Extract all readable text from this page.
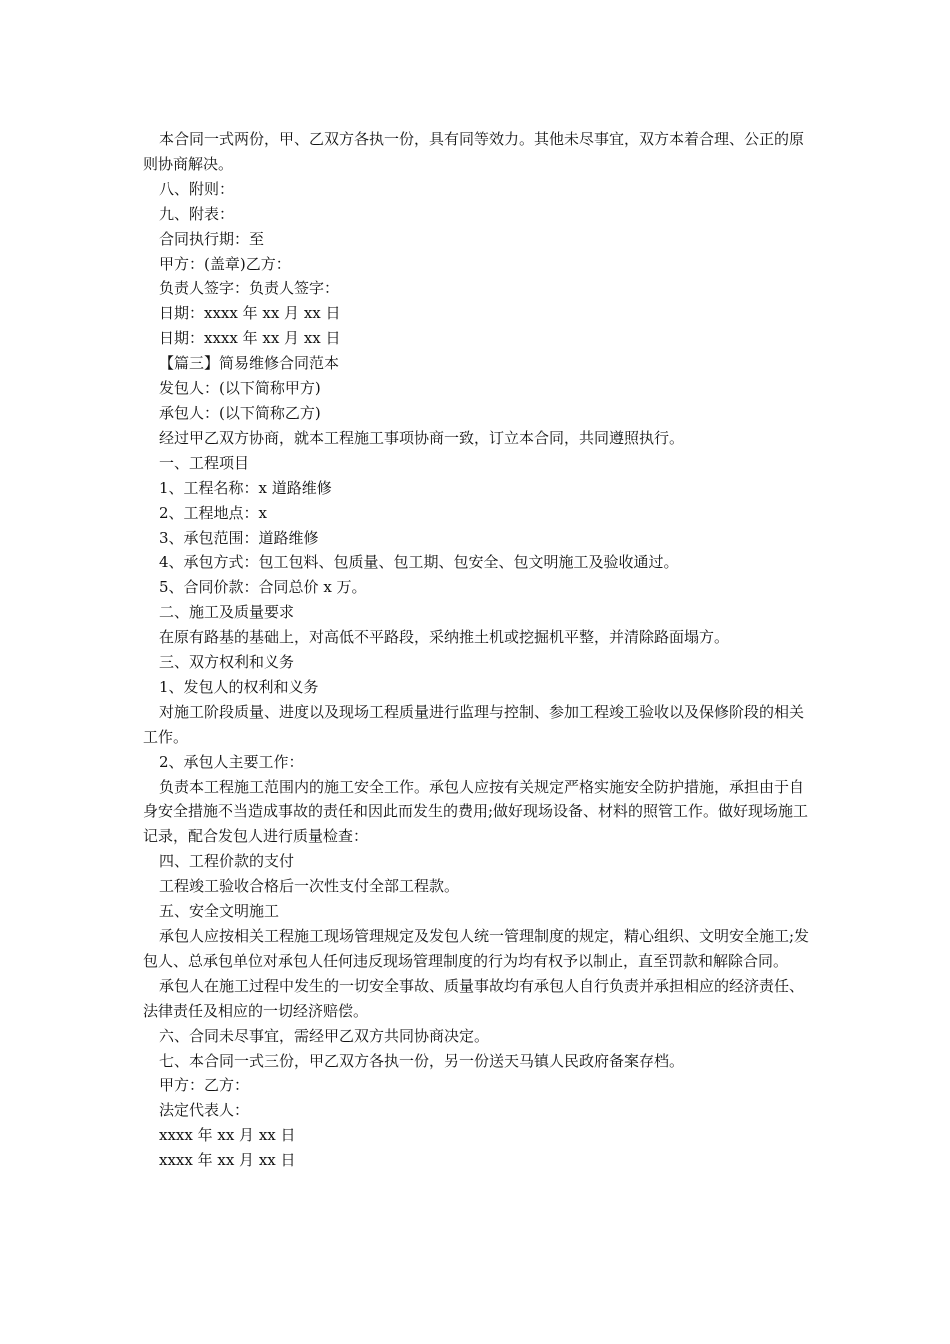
本合同一式两份，甲、乙双方各执一份，具有同等效力。其他未尽事宜，双方本着合理、公正的原则协商解决。

八、附则：

九、附表：

合同执行期：至

甲方：(盖章)乙方：

负责人签字：负责人签字：

日期：xxxx 年 xx 月 xx 日

日期：xxxx 年 xx 月 xx 日

【篇三】简易维修合同范本

发包人：(以下简称甲方)

承包人：(以下简称乙方)

经过甲乙双方协商，就本工程施工事项协商一致，订立本合同，共同遵照执行。

一、工程项目

1、工程名称：x 道路维修

2、工程地点：x

3、承包范围：道路维修

4、承包方式：包工包料、包质量、包工期、包安全、包文明施工及验收通过。

5、合同价款：合同总价 x 万。

二、施工及质量要求

在原有路基的基础上，对高低不平路段，采纳推土机或挖掘机平整，并清除路面塌方。

三、双方权利和义务

1、发包人的权利和义务

对施工阶段质量、进度以及现场工程质量进行监理与控制、参加工程竣工验收以及保修阶段的相关工作。

2、承包人主要工作：

负责本工程施工范围内的施工安全工作。承包人应按有关规定严格实施安全防护措施，承担由于自身安全措施不当造成事故的责任和因此而发生的费用;做好现场设备、材料的照管工作。做好现场施工记录，配合发包人进行质量检查：

四、工程价款的支付

工程竣工验收合格后一次性支付全部工程款。

五、安全文明施工

承包人应按相关工程施工现场管理规定及发包人统一管理制度的规定，精心组织、文明安全施工;发包人、总承包单位对承包人任何违反现场管理制度的行为均有权予以制止，直至罚款和解除合同。

承包人在施工过程中发生的一切安全事故、质量事故均有承包人自行负责并承担相应的经济责任、法律责任及相应的一切经济赔偿。

六、合同未尽事宜，需经甲乙双方共同协商决定。

七、本合同一式三份，甲乙双方各执一份，另一份送天马镇人民政府备案存档。

甲方：乙方：

法定代表人：

xxxx 年 xx 月 xx 日

xxxx 年 xx 月 xx 日
